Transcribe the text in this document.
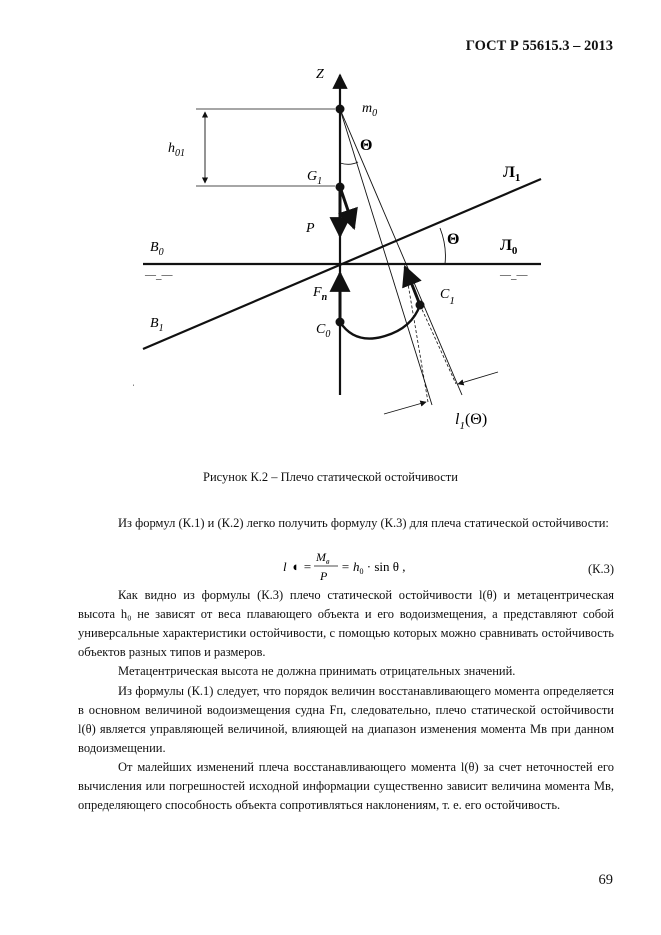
ГОСТ Р 55615.3 – 2013
Z
$m_0$
Θ
$h_{01}$
$G_1$
$Л_1$
P
Θ
$B_0$	$Л_0$
—_—	—_—
$F_п$	$C_1$
$B_1$	$C_0$
ˌ
$l_1(\Theta)$
Рисунок К.2 – Плечо статической остойчивости

Из формул (К.1) и (К.2) легко получить формулу (К.3) для плеча статической остойчивости:

l ◖ =
$M_в$
P
= $h_0 \cdot \sin \theta$ ,	(К.3)

Как видно из формулы (К.3) плечо статической остойчивости l(θ) и метацентрическая высота h₀ не зависят от веса плавающего объекта и его водоизмещения, а представляют собой универсальные характеристики остойчивости, с помощью которых можно сравнивать остойчивость объектов разных типов и размеров.

Метацентрическая высота не должна принимать отрицательных значений.

Из формулы (К.1) следует, что порядок величин восстанавливающего момента определяется в основном величиной водоизмещения судна Fп, следовательно, плечо статической остойчивости l(θ) является управляющей величиной, влияющей на диапазон изменения момента Mв при данном водоизмещении.

От малейших изменений плеча восстанавливающего момента l(θ) за счет неточностей его вычисления или погрешностей исходной информации существенно зависит величина момента Mв, определяющего способность объекта сопротивляться наклонениям, т. е. его остойчивость.

69
